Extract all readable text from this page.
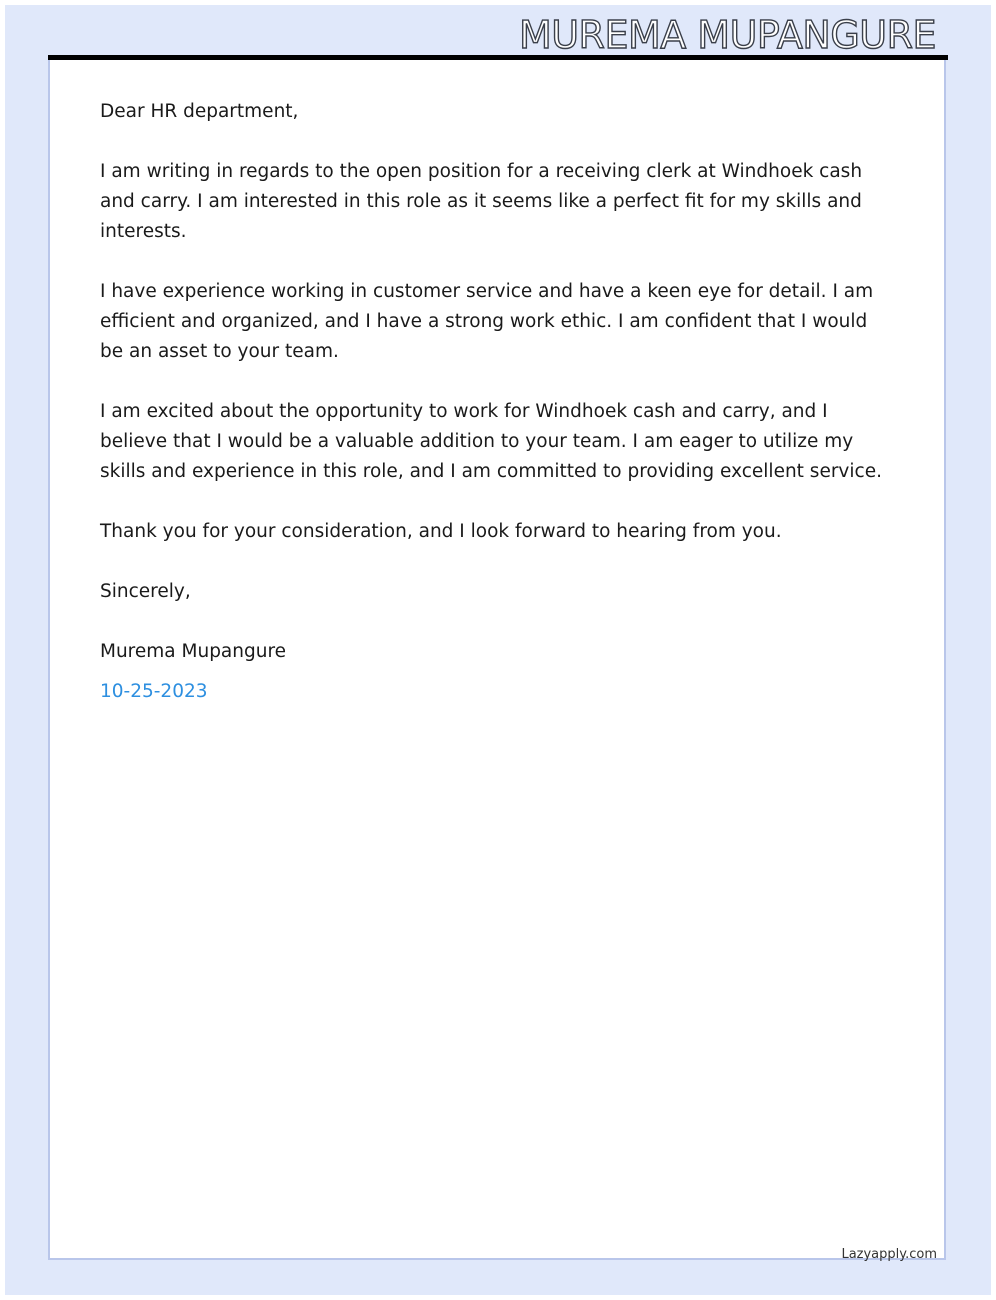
MUREMA MUPANGURE

Dear HR department,

I am writing in regards to the open position for a receiving clerk at Windhoek cash and carry. I am interested in this role as it seems like a perfect fit for my skills and interests.

I have experience working in customer service and have a keen eye for detail. I am efficient and organized, and I have a strong work ethic. I am confident that I would be an asset to your team.

I am excited about the opportunity to work for Windhoek cash and carry, and I believe that I would be a valuable addition to your team. I am eager to utilize my skills and experience in this role, and I am committed to providing excellent service.

Thank you for your consideration, and I look forward to hearing from you.

Sincerely,

Murema Mupangure

10-25-2023

Lazyapply.com
